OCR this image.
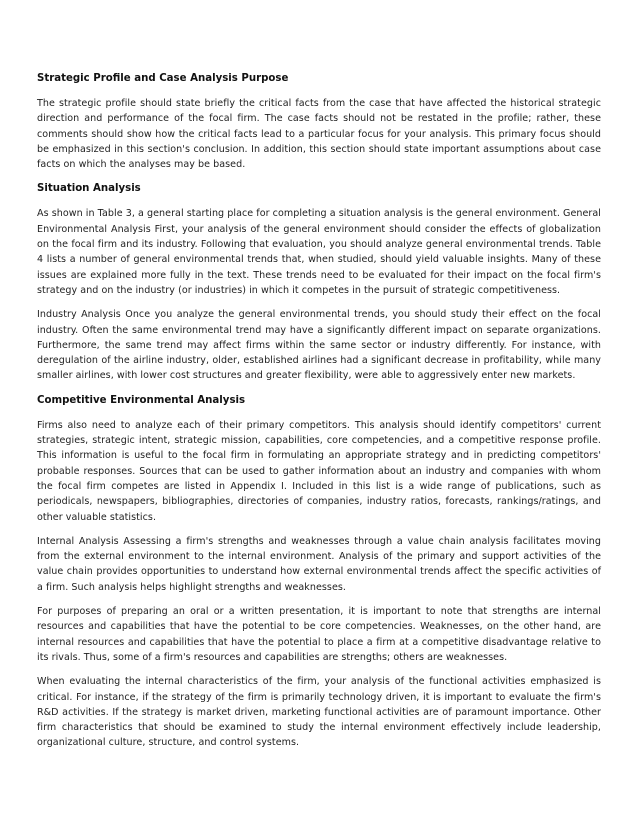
Strategic Profile and Case Analysis Purpose

The strategic profile should state briefly the critical facts from the case that have affected the historical strategic direction and performance of the focal firm. The case facts should not be restated in the profile; rather, these comments should show how the critical facts lead to a particular focus for your analysis. This primary focus should be emphasized in this section's conclusion. In addition, this section should state important assumptions about case facts on which the analyses may be based.

Situation Analysis

As shown in Table 3, a general starting place for completing a situation analysis is the general environment. General Environmental Analysis First, your analysis of the general environment should consider the effects of globalization on the focal firm and its industry. Following that evaluation, you should analyze general environmental trends. Table 4 lists a number of general environmental trends that, when studied, should yield valuable insights. Many of these issues are explained more fully in the text. These trends need to be evaluated for their impact on the focal firm's strategy and on the industry (or industries) in which it competes in the pursuit of strategic competitiveness.

Industry Analysis Once you analyze the general environmental trends, you should study their effect on the focal industry. Often the same environmental trend may have a significantly different impact on separate organizations. Furthermore, the same trend may affect firms within the same sector or industry differently. For instance, with deregulation of the airline industry, older, established airlines had a significant decrease in profitability, while many smaller airlines, with lower cost structures and greater flexibility, were able to aggressively enter new markets.

Competitive Environmental Analysis

Firms also need to analyze each of their primary competitors. This analysis should identify competitors' current strategies, strategic intent, strategic mission, capabilities, core competencies, and a competitive response profile. This information is useful to the focal firm in formulating an appropriate strategy and in predicting competitors' probable responses. Sources that can be used to gather information about an industry and companies with whom the focal firm competes are listed in Appendix I. Included in this list is a wide range of publications, such as periodicals, newspapers, bibliographies, directories of companies, industry ratios, forecasts, rankings/ratings, and other valuable statistics.

Internal Analysis Assessing a firm's strengths and weaknesses through a value chain analysis facilitates moving from the external environment to the internal environment. Analysis of the primary and support activities of the value chain provides opportunities to understand how external environmental trends affect the specific activities of a firm. Such analysis helps highlight strengths and weaknesses.

For purposes of preparing an oral or a written presentation, it is important to note that strengths are internal resources and capabilities that have the potential to be core competencies. Weaknesses, on the other hand, are internal resources and capabilities that have the potential to place a firm at a competitive disadvantage relative to its rivals. Thus, some of a firm's resources and capabilities are strengths; others are weaknesses.

When evaluating the internal characteristics of the firm, your analysis of the functional activities emphasized is critical. For instance, if the strategy of the firm is primarily technology driven, it is important to evaluate the firm's R&D activities. If the strategy is market driven, marketing functional activities are of paramount importance. Other firm characteristics that should be examined to study the internal environment effectively include leadership, organizational culture, structure, and control systems.
